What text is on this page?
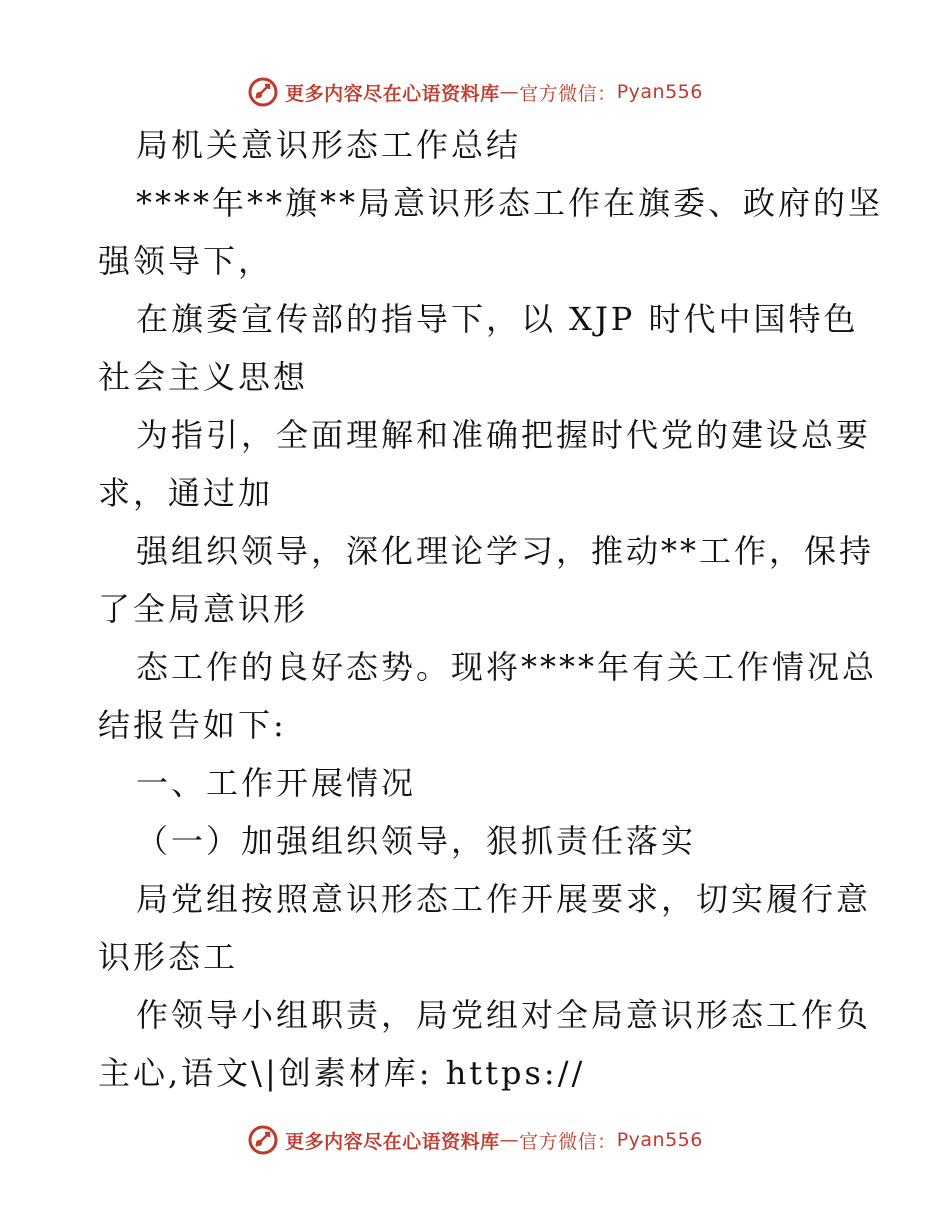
更多内容尽在心语资料库 — 官方微信： Pyan556
局机关意识形态工作总结
****年**旗**局意识形态工作在旗委、政府的坚
强领导下，
在旗委宣传部的指导下，以 XJP 时代中国特色
社会主义思想
为指引，全面理解和准确把握时代党的建设总要
求，通过加
强组织领导，深化理论学习，推动**工作，保持
了全局意识形
态工作的良好态势。现将****年有关工作情况总
结报告如下:
一、工作开展情况
（一）加强组织领导，狠抓责任落实
局党组按照意识形态工作开展要求，切实履行意
识形态工
作领导小组职责，局党组对全局意识形态工作负
主心,语文\|创素材库: https://
更多内容尽在心语资料库 — 官方微信： Pyan556
